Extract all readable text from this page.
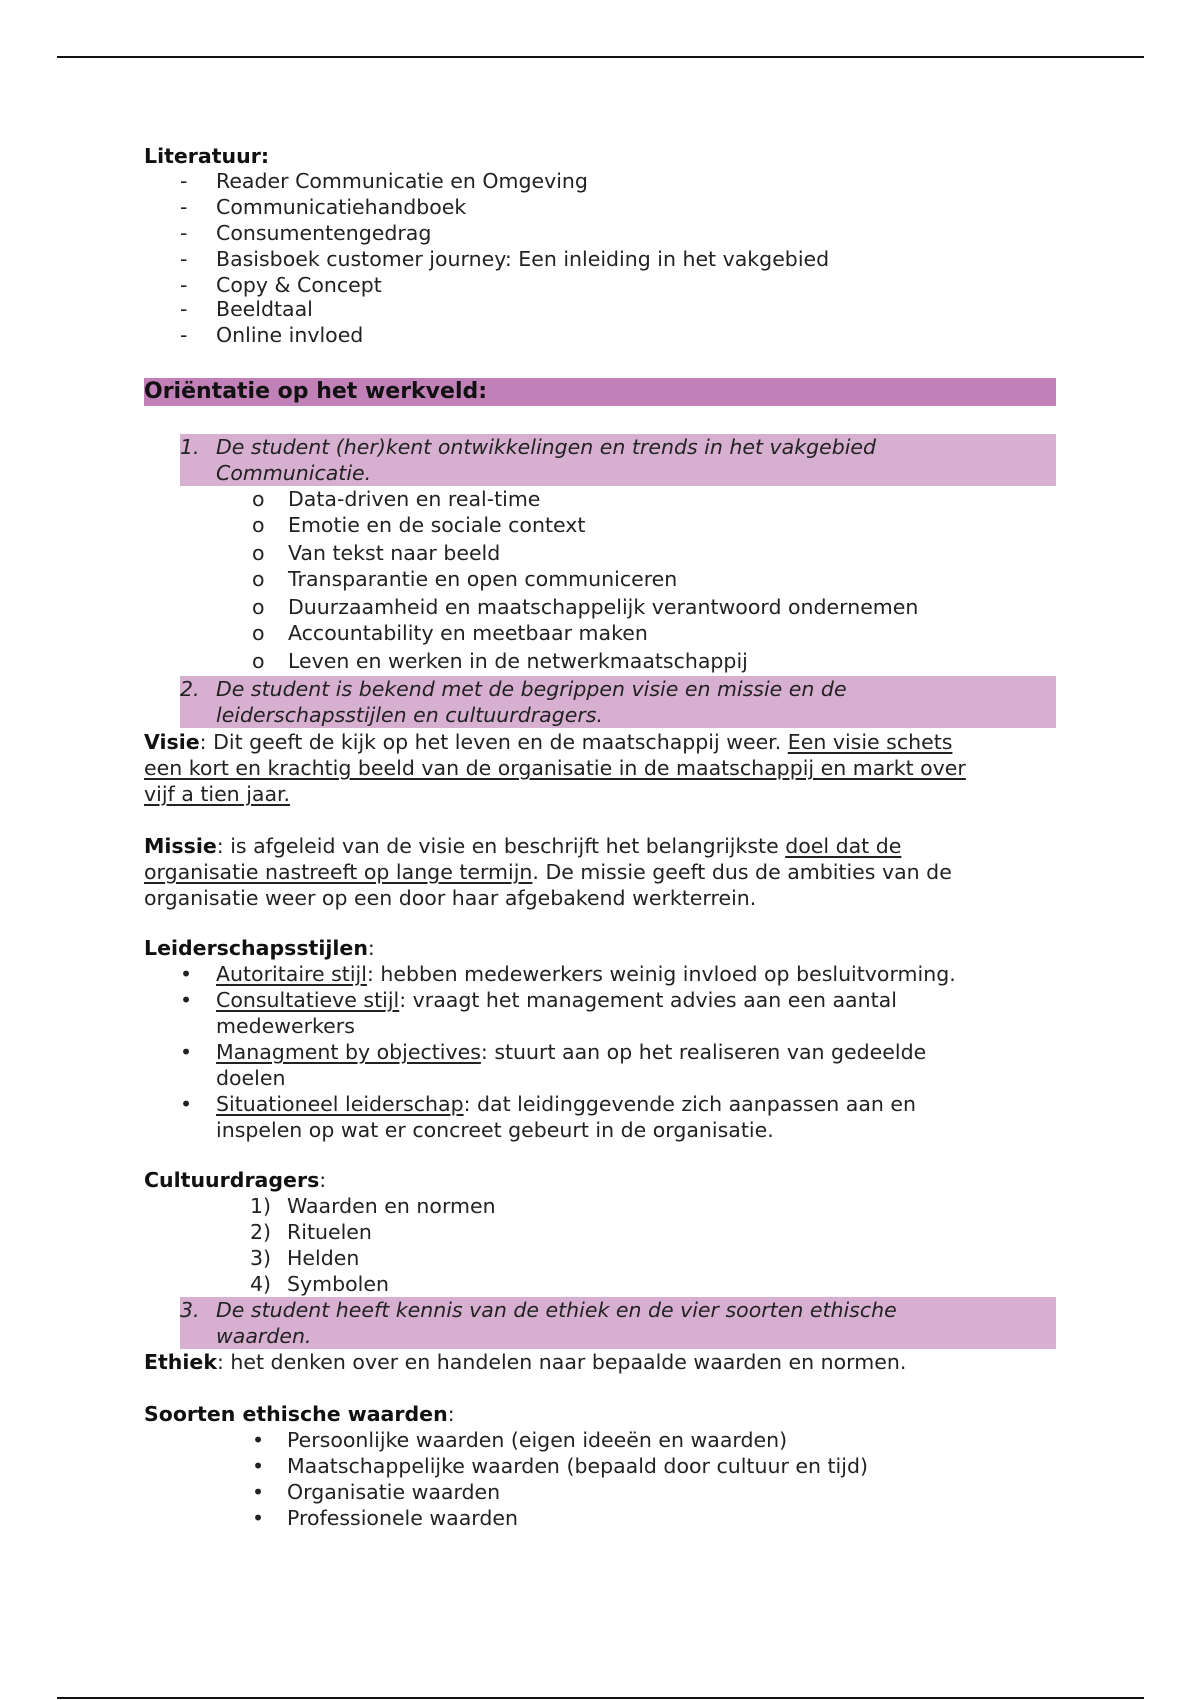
Literatuur:
- Reader Communicatie en Omgeving
- Communicatiehandboek
- Consumentengedrag
- Basisboek customer journey: Een inleiding in het vakgebied
- Copy & Concept
- Beeldtaal
- Online invloed
Oriëntatie op het werkveld:
1. De student (her)kent ontwikkelingen en trends in het vakgebied
Communicatie.
o Data-driven en real-time
o Emotie en de sociale context
o Van tekst naar beeld
o Transparantie en open communiceren
o Duurzaamheid en maatschappelijk verantwoord ondernemen
o Accountability en meetbaar maken
o Leven en werken in de netwerkmaatschappij
2. De student is bekend met de begrippen visie en missie en de
leiderschapsstijlen en cultuurdragers.
Visie: Dit geeft de kijk op het leven en de maatschappij weer. Een visie schets
een kort en krachtig beeld van de organisatie in de maatschappij en markt over
vijf a tien jaar.
Missie: is afgeleid van de visie en beschrijft het belangrijkste doel dat de
organisatie nastreeft op lange termijn. De missie geeft dus de ambities van de
organisatie weer op een door haar afgebakend werkterrein.
Leiderschapsstijlen:
• Autoritaire stijl: hebben medewerkers weinig invloed op besluitvorming.
• Consultatieve stijl: vraagt het management advies aan een aantal
medewerkers
• Managment by objectives: stuurt aan op het realiseren van gedeelde
doelen
• Situationeel leiderschap: dat leidinggevende zich aanpassen aan en
inspelen op wat er concreet gebeurt in de organisatie.
Cultuurdragers:
1) Waarden en normen
2) Rituelen
3) Helden
4) Symbolen
3. De student heeft kennis van de ethiek en de vier soorten ethische
waarden.
Ethiek: het denken over en handelen naar bepaalde waarden en normen.
Soorten ethische waarden:
• Persoonlijke waarden (eigen ideeën en waarden)
• Maatschappelijke waarden (bepaald door cultuur en tijd)
• Organisatie waarden
• Professionele waarden
